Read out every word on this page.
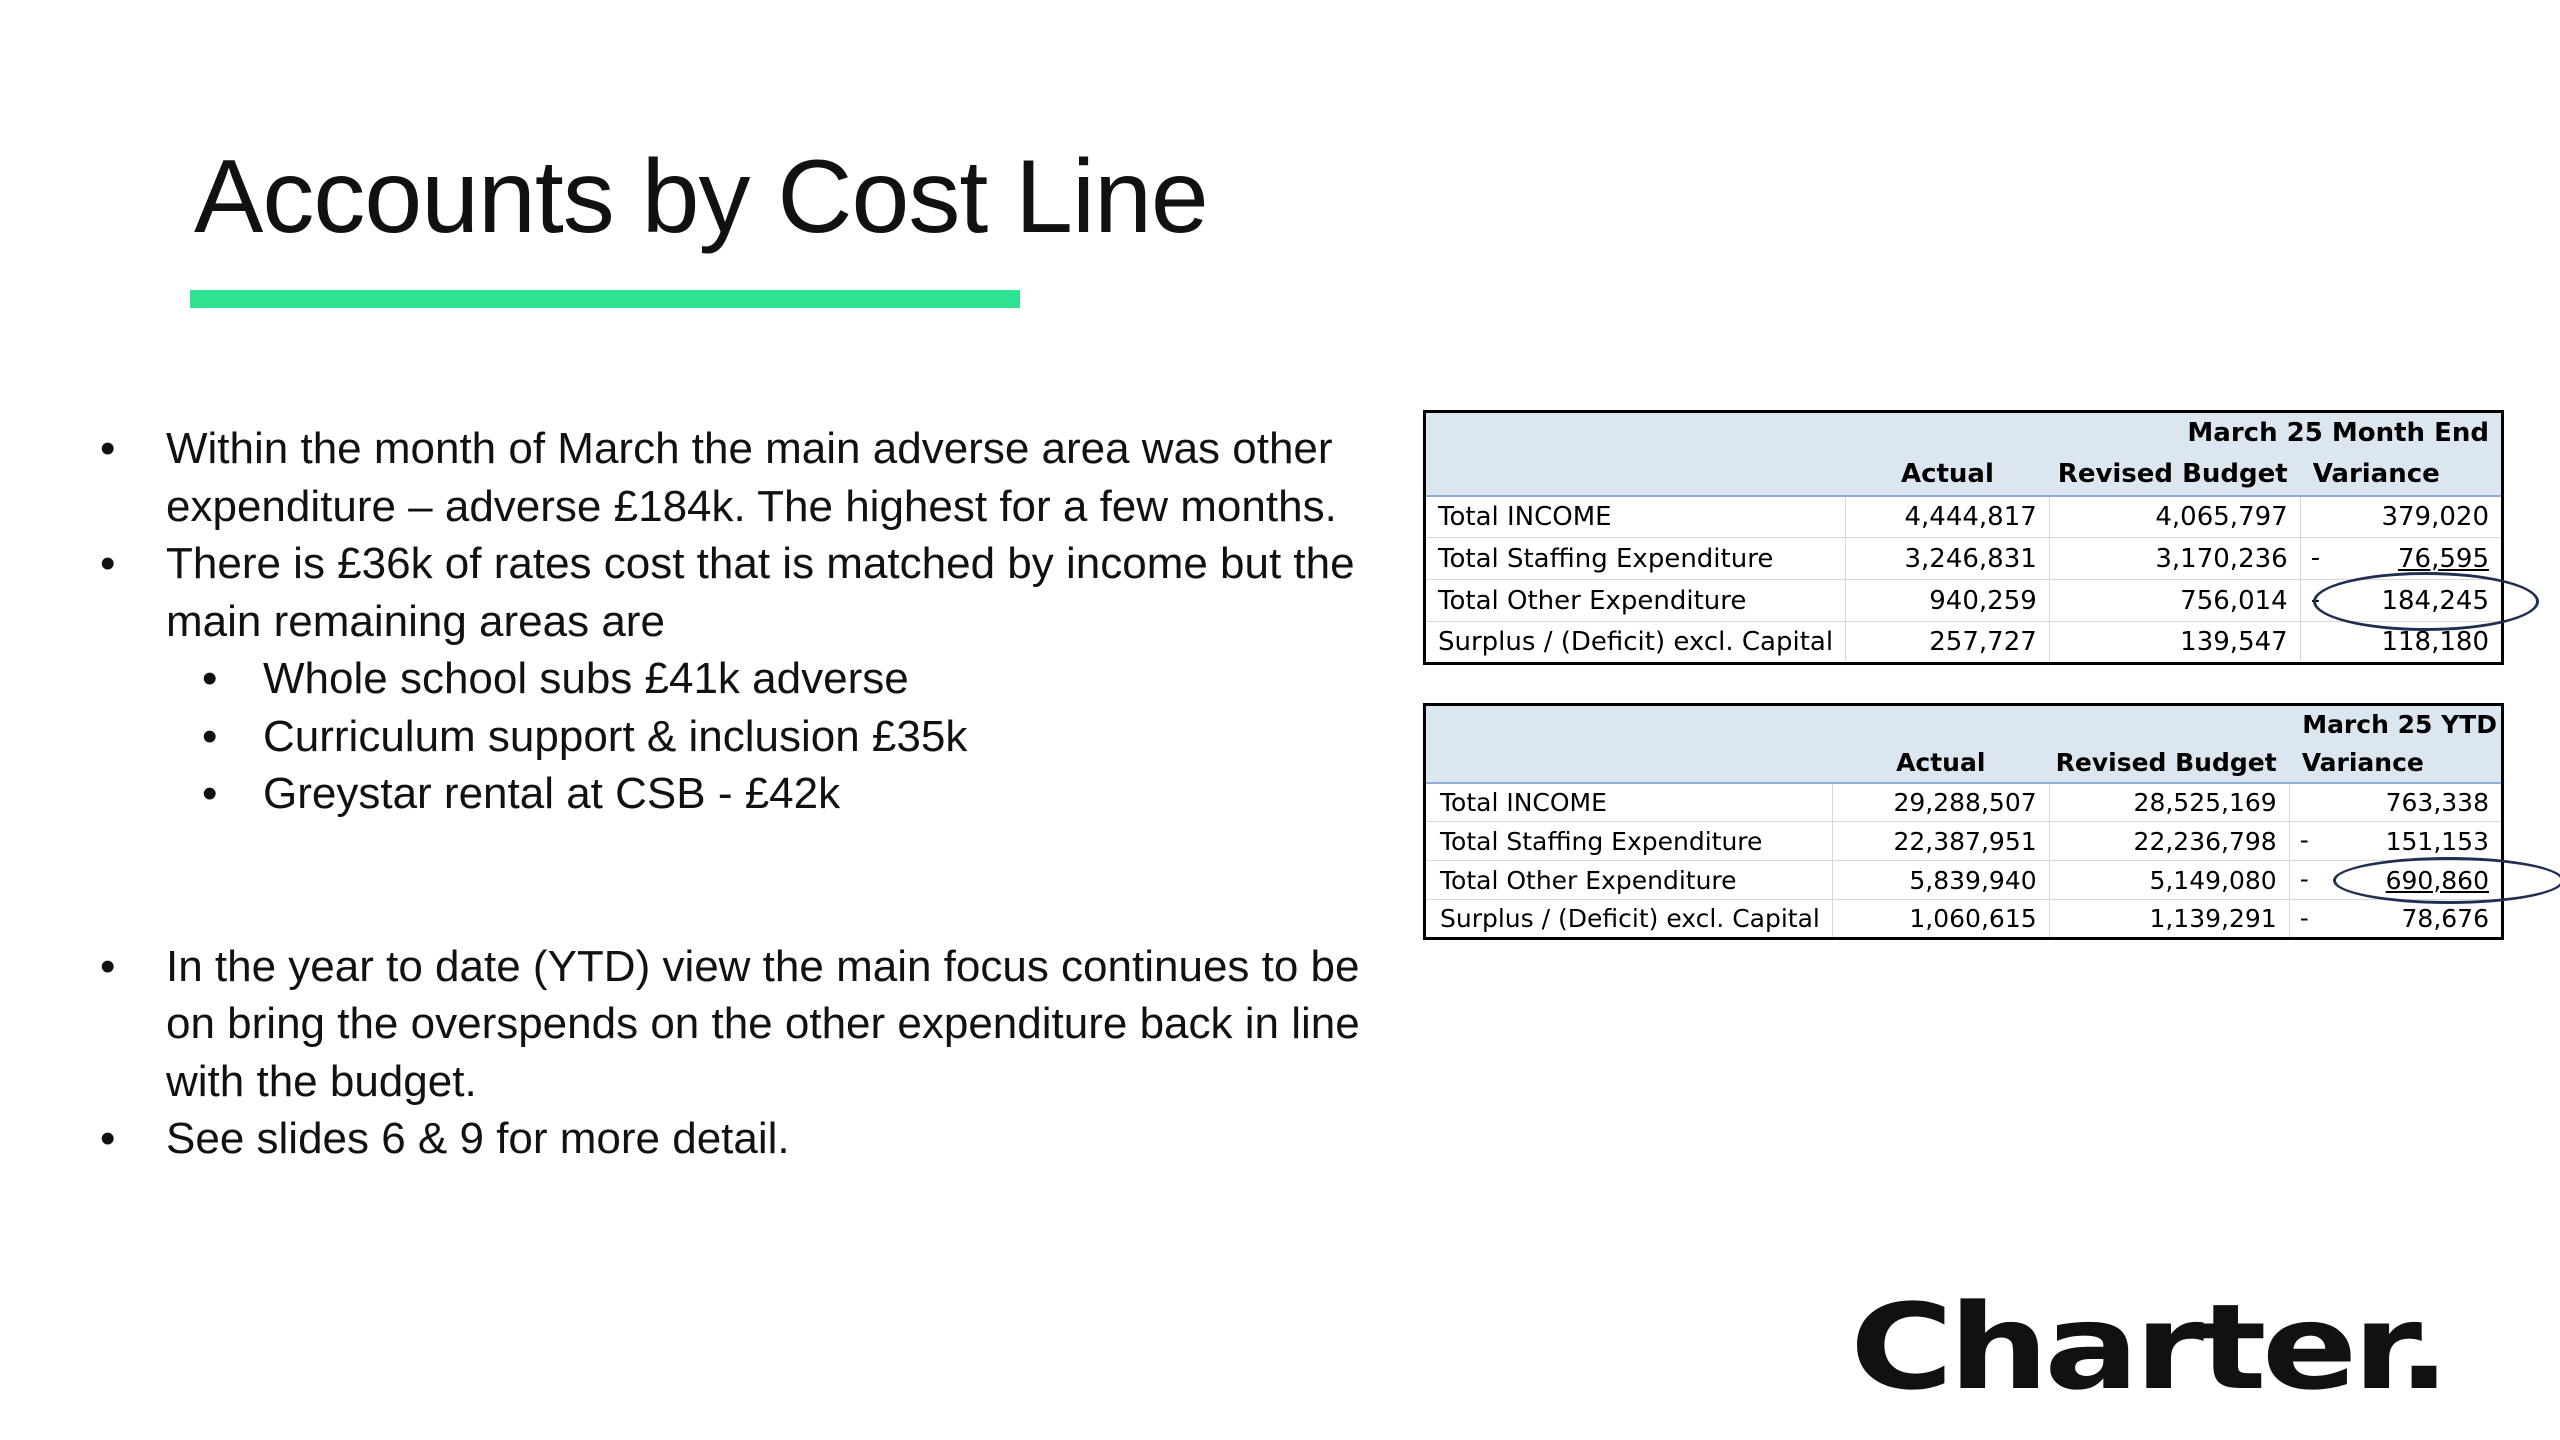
Accounts by Cost Line
• Within the month of March the main adverse area was other expenditure – adverse £184k. The highest for a few months.
• There is £36k of rates cost that is matched by income but the main remaining areas are
• Whole school subs £41k adverse
• Curriculum support & inclusion £35k
• Greystar rental at CSB - £42k
• In the year to date (YTD) view the main focus continues to be on bring the overspends on the other expenditure back in line with the budget.
• See slides 6 & 9 for more detail.
March 25 Month End			
	Actual	Revised Budget	Variance
Total INCOME	4,444,817	4,065,797	379,020
Total Staffing Expenditure	3,246,831	3,170,236	- 76,595
Total Other Expenditure	940,259	756,014	- 184,245
Surplus / (Deficit) excl. Capital	257,727	139,547	118,180
March 25 YTD			
	Actual	Revised Budget	Variance
Total INCOME	29,288,507	28,525,169	763,338
Total Staffing Expenditure	22,387,951	22,236,798	- 151,153
Total Other Expenditure	5,839,940	5,149,080	- 690,860
Surplus / (Deficit) excl. Capital	1,060,615	1,139,291	- 78,676
Charter.
